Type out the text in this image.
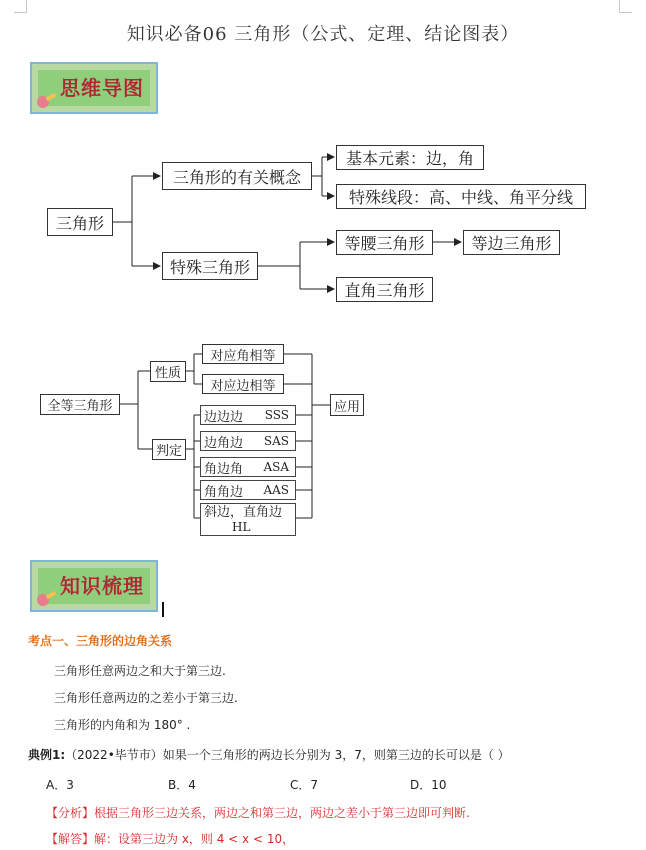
知识必备06 三角形（公式、定理、结论图表）
思维导图
三角形
三角形的有关概念
基本元素：边，角
特殊线段：高、中线、角平分线
特殊三角形
等腰三角形	等边三角形
直角三角形
全等三角形
性质
对应角相等
对应边相等
判定
边边边 SSS
边角边 SAS
角边角 ASA
角角边 AAS
斜边，直角边
HL
应用
知识梳理
考点一、三角形的边角关系
三角形任意两边之和大于第三边.
三角形任意两边的之差小于第三边.
三角形的内角和为 180° .
典例1:（2022•毕节市）如果一个三角形的两边长分别为 3，7，则第三边的长可以是（ ）
A．3	B．4	C．7	D．10
【分析】根据三角形三边关系，两边之和第三边，两边之差小于第三边即可判断.
【解答】解：设第三边为 x，则 4 < x < 10，
